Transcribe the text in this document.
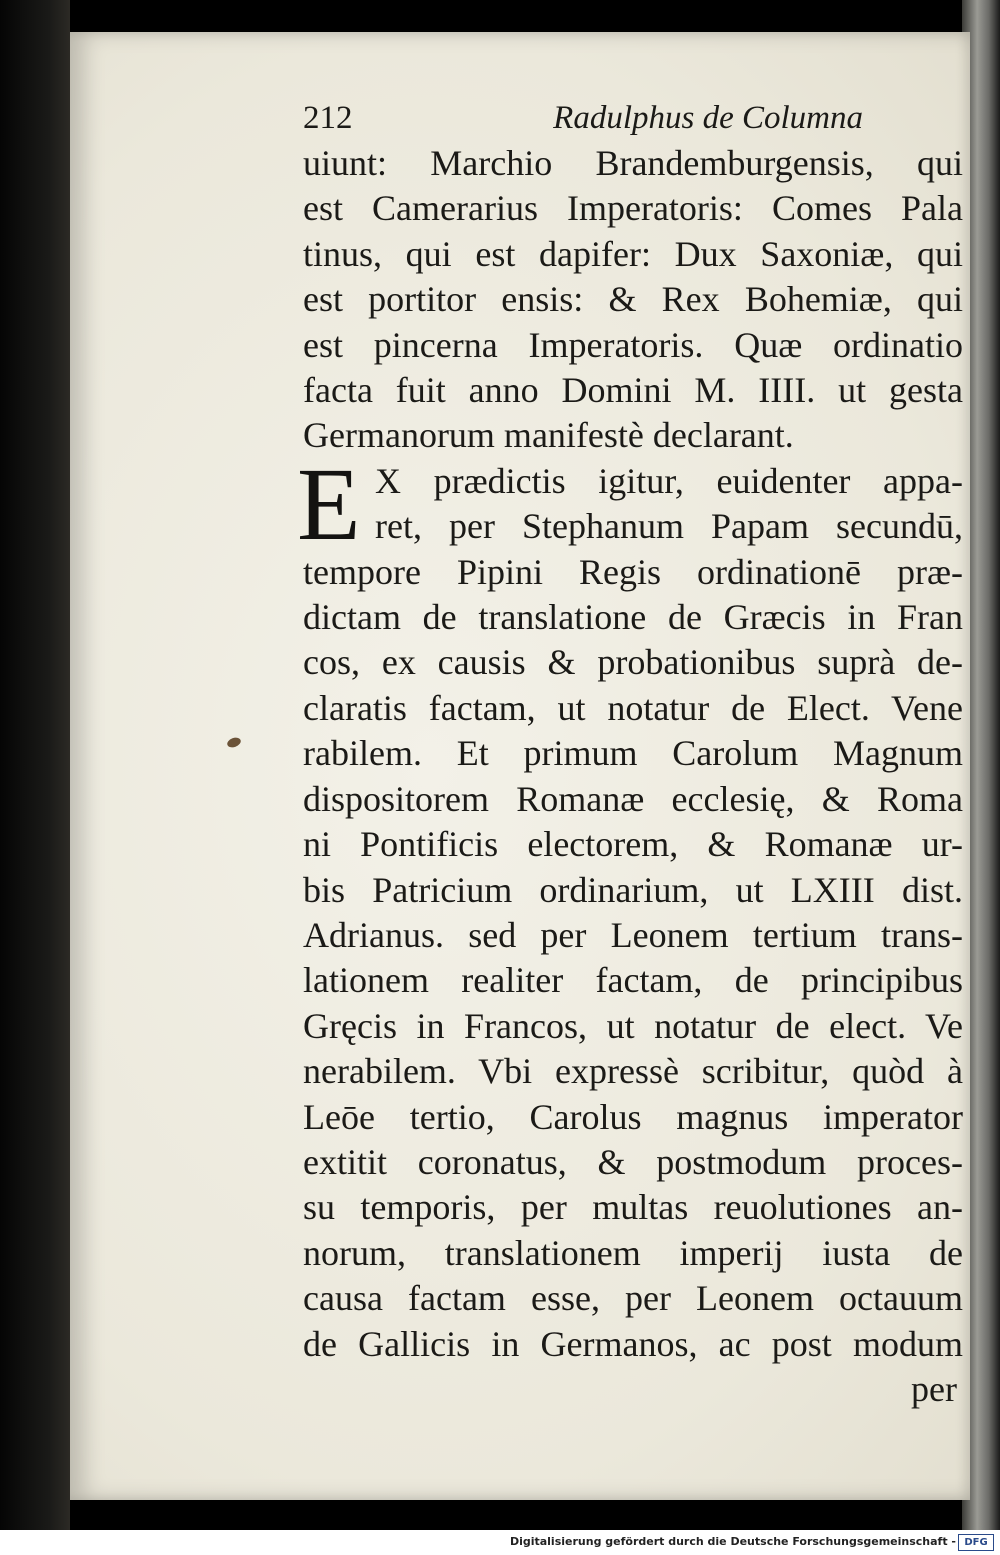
212	Radulphus de Columna
uiunt: Marchio Brandemburgensis, qui
est Camerarius Imperatoris: Comes Pala
tinus, qui est dapifer: Dux Saxoniæ, qui
est portitor ensis: & Rex Bohemiæ, qui
est pincerna Imperatoris. Quæ ordinatio
facta fuit anno Domini M. IIII. ut gesta
Germanorum manifestè declarant.
E X prædictis igitur, euidenter appa-
ret, per Stephanum Papam secundū,
tempore Pipini Regis ordinationē præ-
dictam de translatione de Græcis in Fran
cos, ex causis & probationibus suprà de-
claratis factam, ut notatur de Elect. Vene
rabilem. Et primum Carolum Magnum
dispositorem Romanæ ecclesię, & Roma
ni Pontificis electorem, & Romanæ ur-
bis Patricium ordinarium, ut LXIII dist.
Adrianus. sed per Leonem tertium trans-
lationem realiter factam, de principibus
Gręcis in Francos, ut notatur de elect. Ve
nerabilem. Vbi expressè scribitur, quòd à
Leōe tertio, Carolus magnus imperator
extitit coronatus, & postmodum proces-
su temporis, per multas reuolutiones an-
norum, translationem imperij iusta de
causa factam esse, per Leonem octauum
de Gallicis in Germanos, ac post modum
per
Digitalisierung gefördert durch die Deutsche Forschungsgemeinschaft - DFG
